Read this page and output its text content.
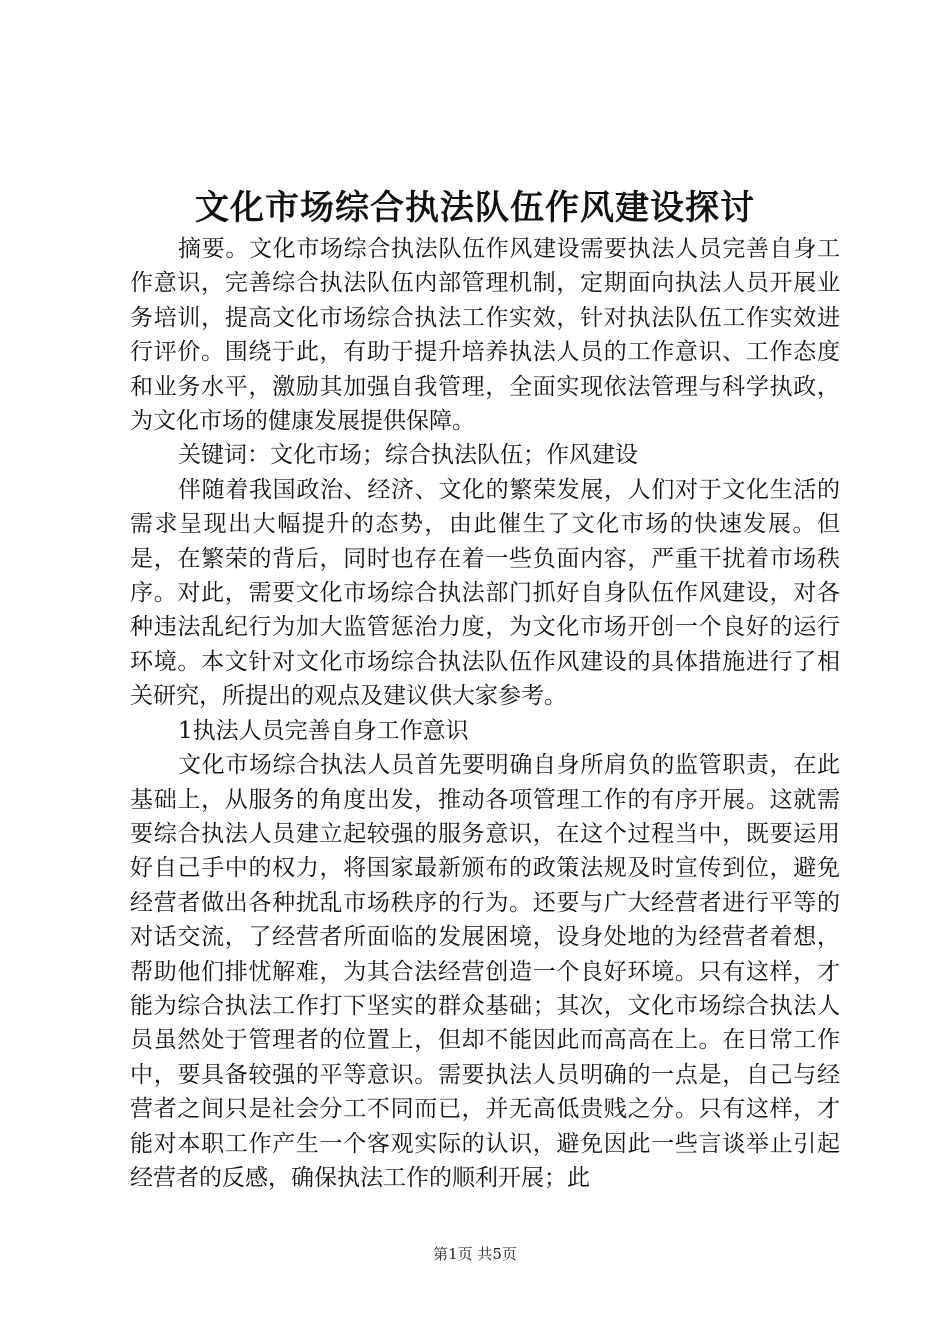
文化市场综合执法队伍作风建设探讨

摘要。文化市场综合执法队伍作风建设需要执法人员完善自身工作意识，完善综合执法队伍内部管理机制，定期面向执法人员开展业务培训，提高文化市场综合执法工作实效，针对执法队伍工作实效进行评价。围绕于此，有助于提升培养执法人员的工作意识、工作态度和业务水平，激励其加强自我管理，全面实现依法管理与科学执政，为文化市场的健康发展提供保障。

关键词：文化市场；综合执法队伍；作风建设

伴随着我国政治、经济、文化的繁荣发展，人们对于文化生活的需求呈现出大幅提升的态势，由此催生了文化市场的快速发展。但是，在繁荣的背后，同时也存在着一些负面内容，严重干扰着市场秩序。对此，需要文化市场综合执法部门抓好自身队伍作风建设，对各种违法乱纪行为加大监管惩治力度，为文化市场开创一个良好的运行环境。本文针对文化市场综合执法队伍作风建设的具体措施进行了相关研究，所提出的观点及建议供大家参考。

1执法人员完善自身工作意识

文化市场综合执法人员首先要明确自身所肩负的监管职责，在此基础上，从服务的角度出发，推动各项管理工作的有序开展。这就需要综合执法人员建立起较强的服务意识，在这个过程当中，既要运用好自己手中的权力，将国家最新颁布的政策法规及时宣传到位，避免经营者做出各种扰乱市场秩序的行为。还要与广大经营者进行平等的对话交流，了经营者所面临的发展困境，设身处地的为经营者着想，帮助他们排忧解难，为其合法经营创造一个良好环境。只有这样，才能为综合执法工作打下坚实的群众基础；其次，文化市场综合执法人员虽然处于管理者的位置上，但却不能因此而高高在上。在日常工作中，要具备较强的平等意识。需要执法人员明确的一点是，自己与经营者之间只是社会分工不同而已，并无高低贵贱之分。只有这样，才能对本职工作产生一个客观实际的认识，避免因此一些言谈举止引起经营者的反感，确保执法工作的顺利开展；此

第1页 共5页
